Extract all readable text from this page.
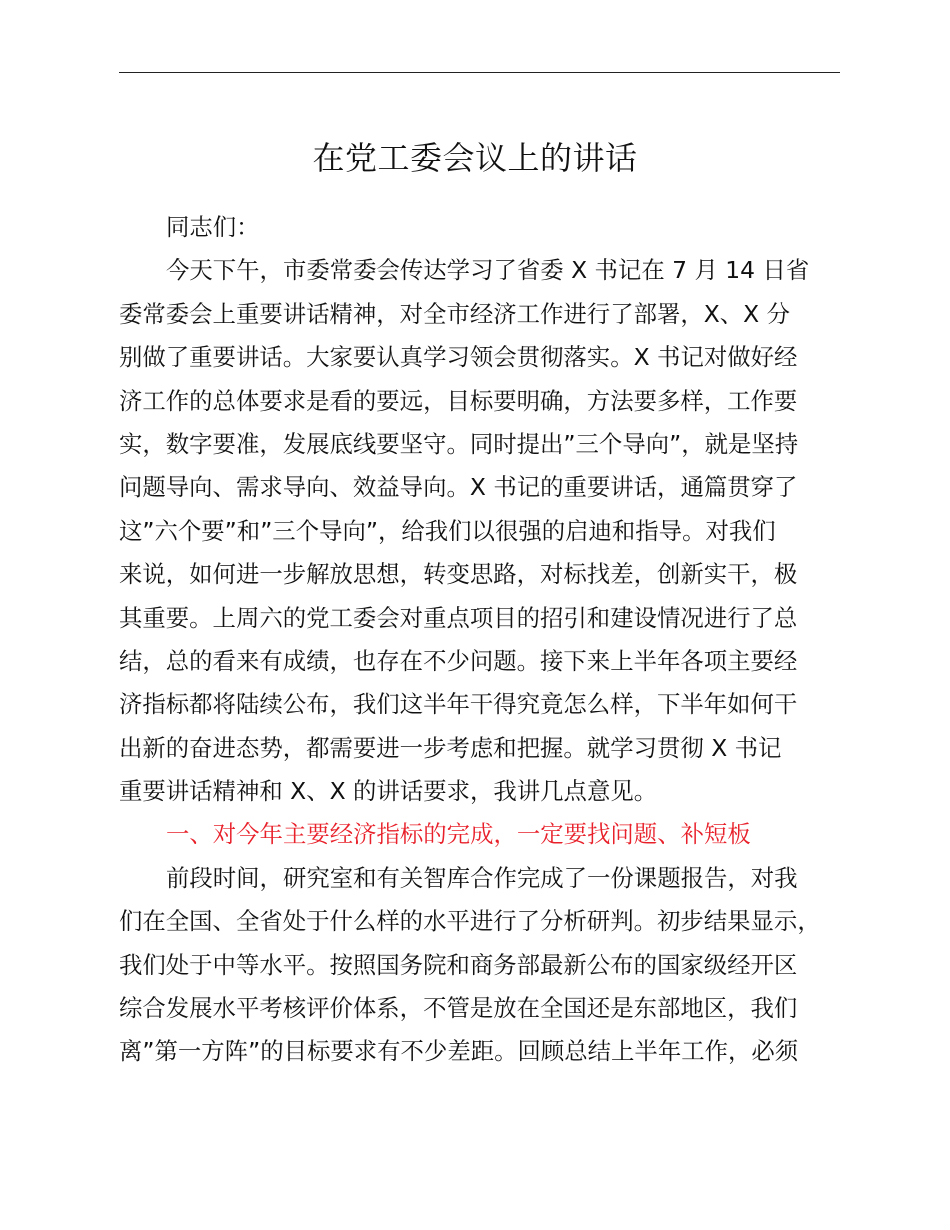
在党工委会议上的讲话
同志们：
今天下午，市委常委会传达学习了省委 X 书记在 7 月 14 日省
委常委会上重要讲话精神，对全市经济工作进行了部署，X、X 分
别做了重要讲话。大家要认真学习领会贯彻落实。X 书记对做好经
济工作的总体要求是看的要远，目标要明确，方法要多样，工作要
实，数字要准，发展底线要坚守。同时提出”三个导向”，就是坚持
问题导向、需求导向、效益导向。X 书记的重要讲话，通篇贯穿了
这”六个要”和”三个导向”，给我们以很强的启迪和指导。对我们
来说，如何进一步解放思想，转变思路，对标找差，创新实干，极
其重要。上周六的党工委会对重点项目的招引和建设情况进行了总
结，总的看来有成绩，也存在不少问题。接下来上半年各项主要经
济指标都将陆续公布，我们这半年干得究竟怎么样，下半年如何干
出新的奋进态势，都需要进一步考虑和把握。就学习贯彻 X 书记
重要讲话精神和 X、X 的讲话要求，我讲几点意见。
一、对今年主要经济指标的完成，一定要找问题、补短板
前段时间，研究室和有关智库合作完成了一份课题报告，对我
们在全国、全省处于什么样的水平进行了分析研判。初步结果显示，
我们处于中等水平。按照国务院和商务部最新公布的国家级经开区
综合发展水平考核评价体系，不管是放在全国还是东部地区，我们
离”第一方阵”的目标要求有不少差距。回顾总结上半年工作，必须
